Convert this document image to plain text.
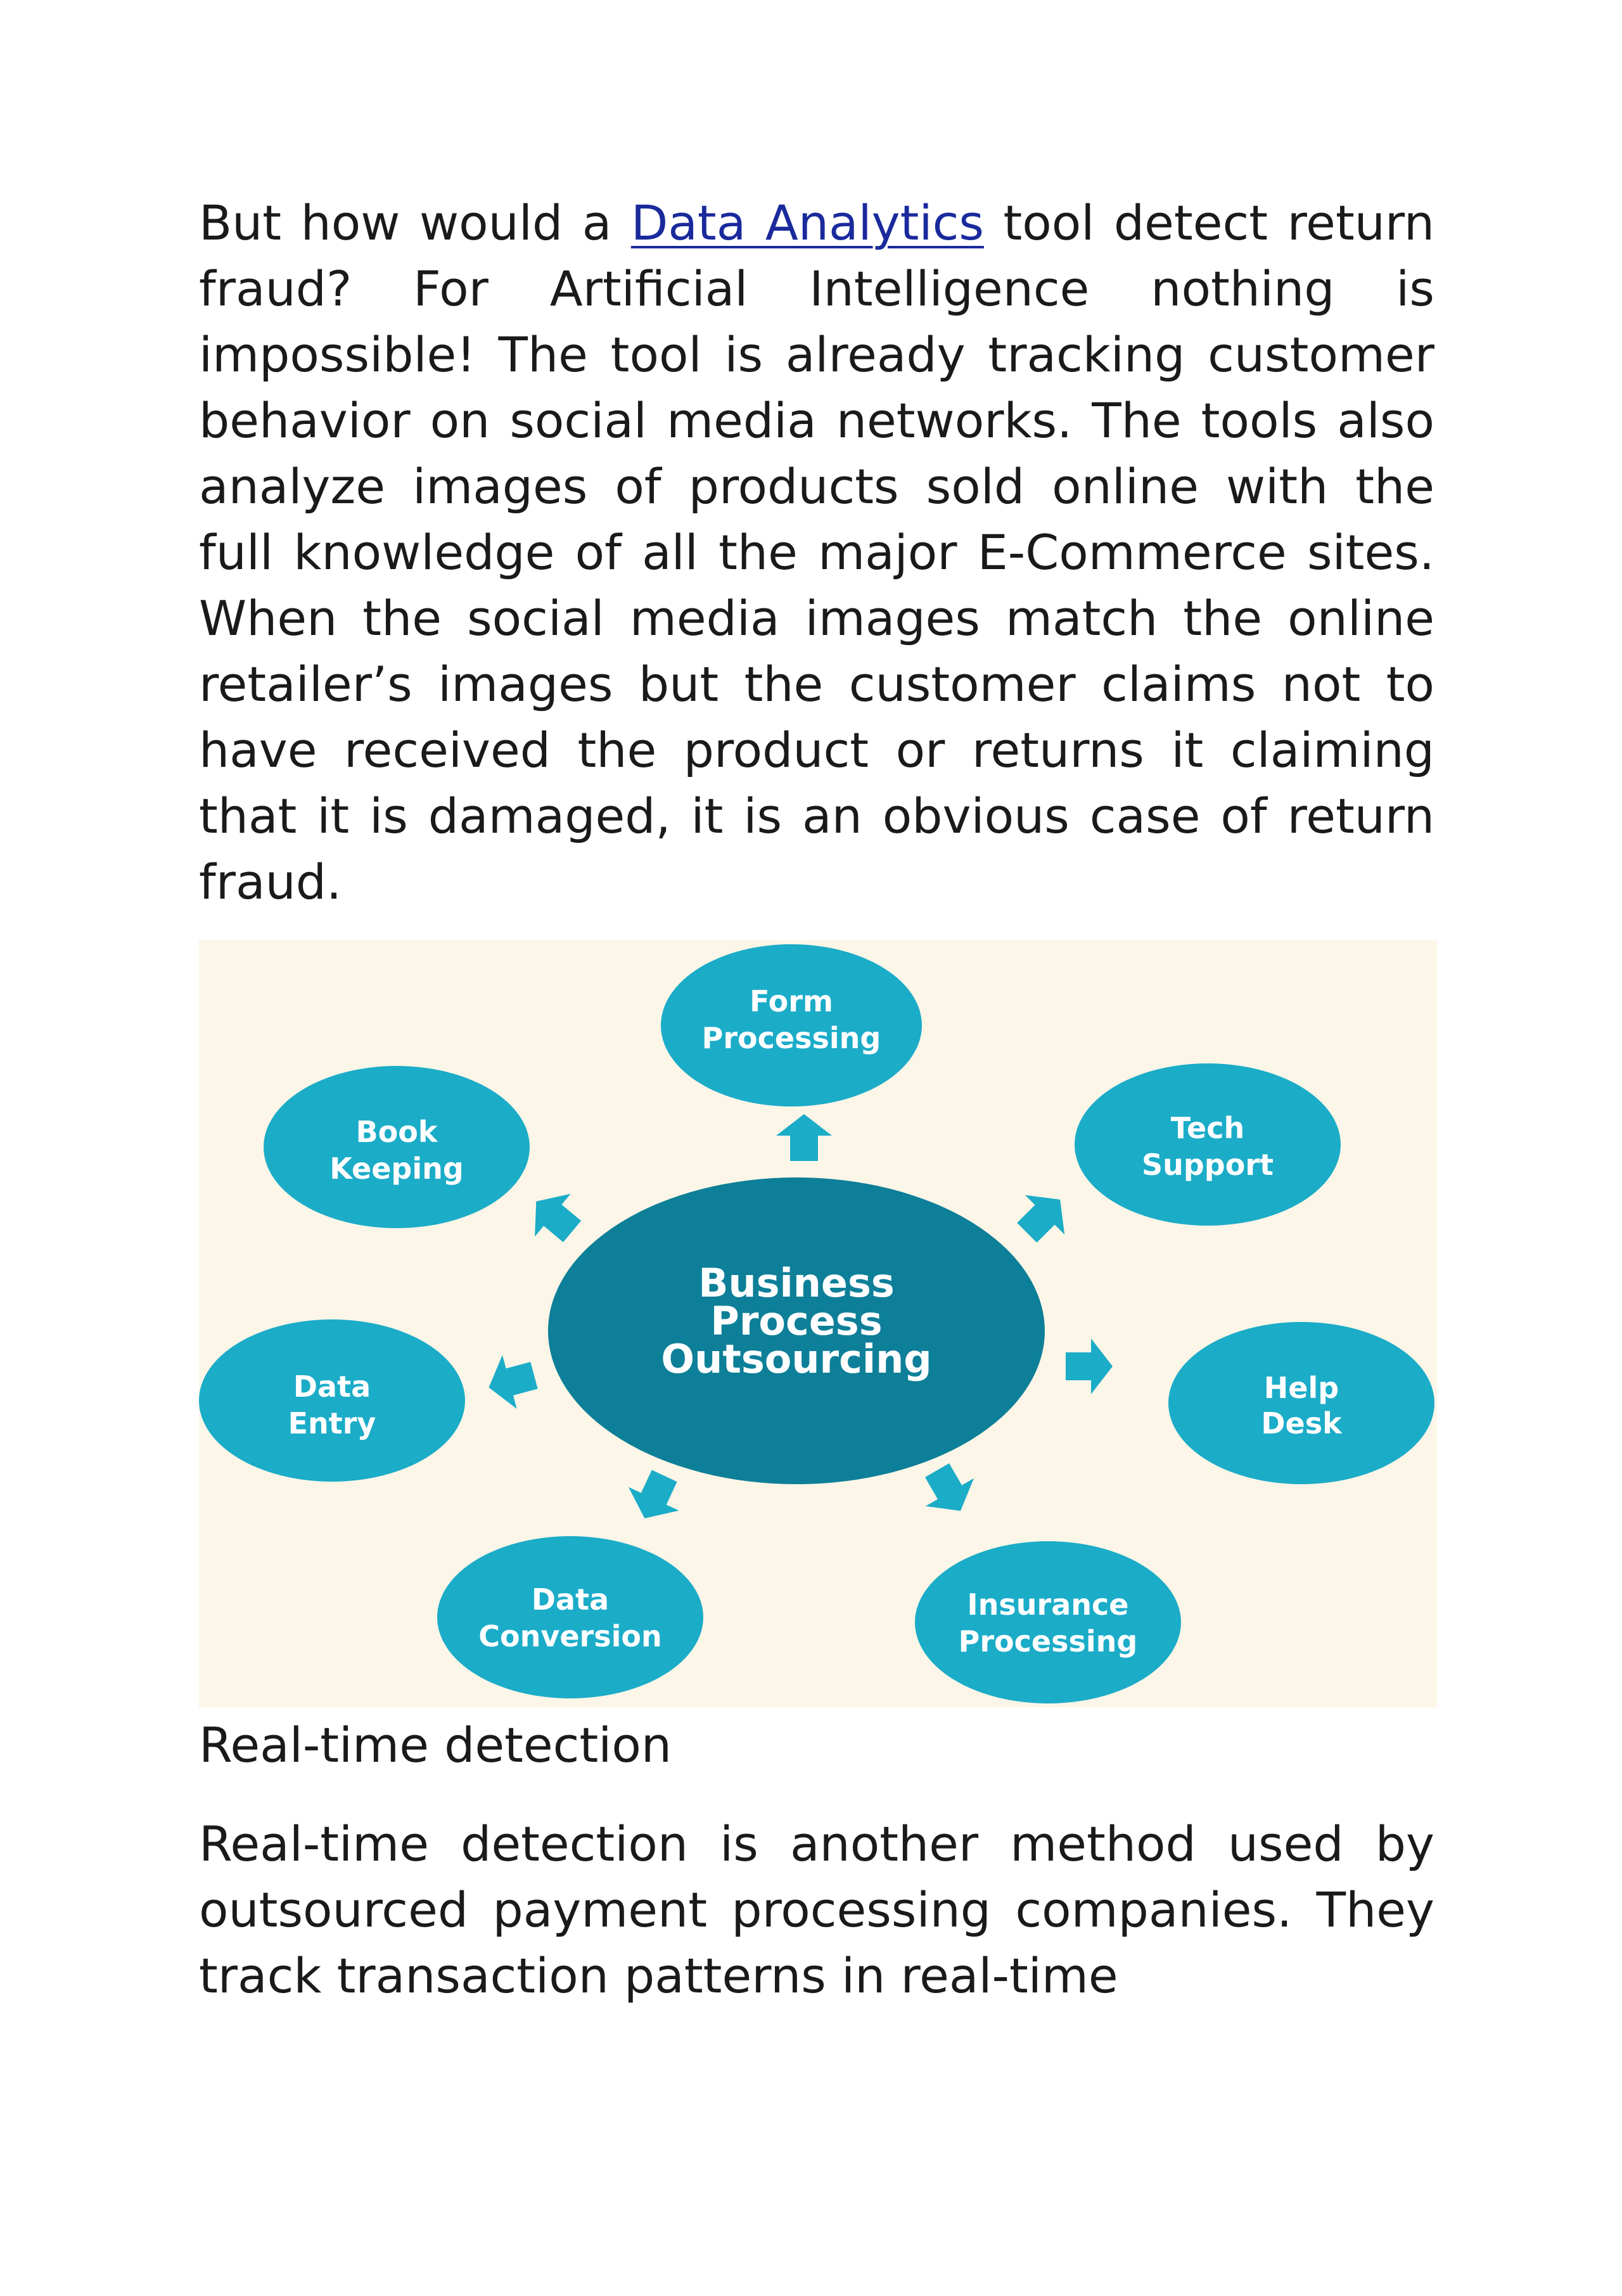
But how would a Data Analytics tool detect return fraud? For Artificial Intelligence nothing is impossible! The tool is already tracking customer behavior on social media networks. The tools also analyze images of products sold online with the full knowledge of all the major E-Commerce sites. When the social media images match the online retailer’s images but the customer claims not to have received the product or returns it claiming that it is damaged, it is an obvious case of return fraud.

Business
Process
Outsourcing
Form
Processing
Tech
Support
Help
Desk
Insurance
Processing
Data
Conversion
Data
Entry
Book
Keeping
Real-time detection

Real-time detection is another method used by outsourced payment processing companies. They track transaction patterns in real-time
